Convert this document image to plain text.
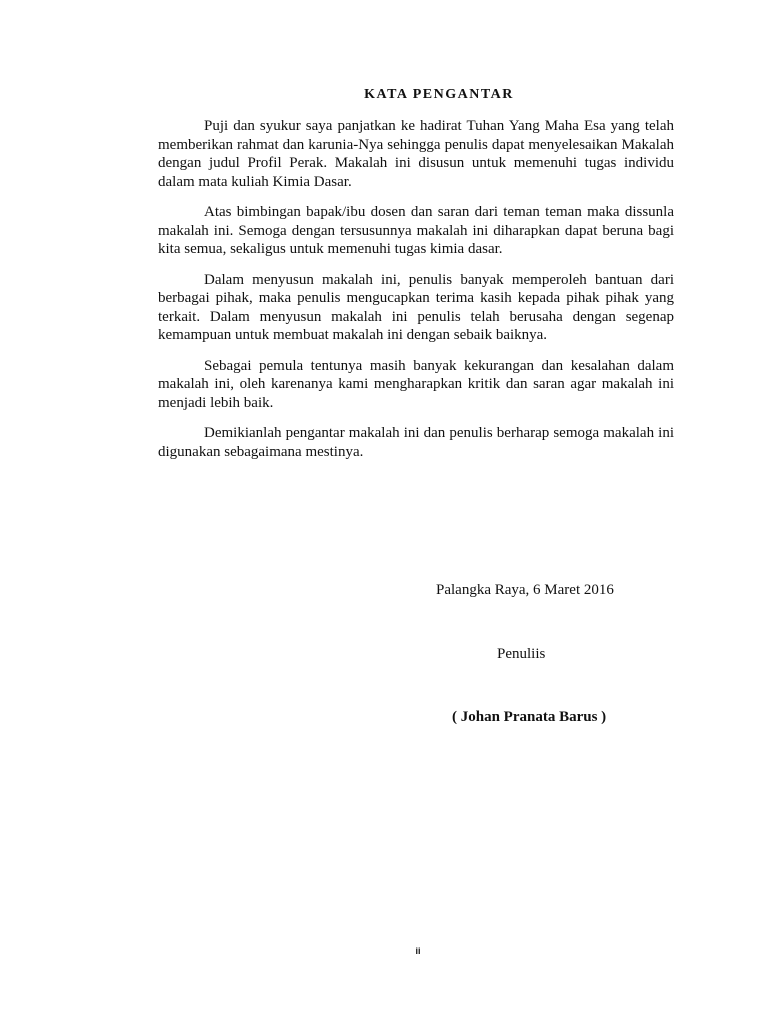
KATA PENGANTAR

Puji dan syukur saya panjatkan ke hadirat Tuhan Yang Maha Esa yang telah memberikan rahmat dan karunia-Nya sehingga penulis dapat menyelesaikan Makalah dengan judul Profil Perak. Makalah ini disusun untuk memenuhi tugas individu dalam mata kuliah Kimia Dasar.

Atas bimbingan bapak/ibu dosen dan saran dari teman teman maka dissunla makalah ini. Semoga dengan tersusunnya makalah ini diharapkan dapat beruna bagi kita semua, sekaligus untuk memenuhi tugas kimia dasar.

Dalam menyusun makalah ini, penulis banyak memperoleh bantuan dari berbagai pihak, maka penulis mengucapkan terima kasih kepada pihak pihak yang terkait. Dalam menyusun makalah ini penulis telah berusaha dengan segenap kemampuan untuk membuat makalah ini dengan sebaik baiknya.

Sebagai pemula tentunya masih banyak kekurangan dan kesalahan dalam makalah ini, oleh karenanya kami mengharapkan kritik dan saran agar makalah ini menjadi lebih baik.

Demikianlah pengantar makalah ini dan penulis berharap semoga makalah ini digunakan sebagaimana mestinya.

Palangka Raya, 6 Maret 2016
Penuliis
( Johan Pranata Barus )
ii
